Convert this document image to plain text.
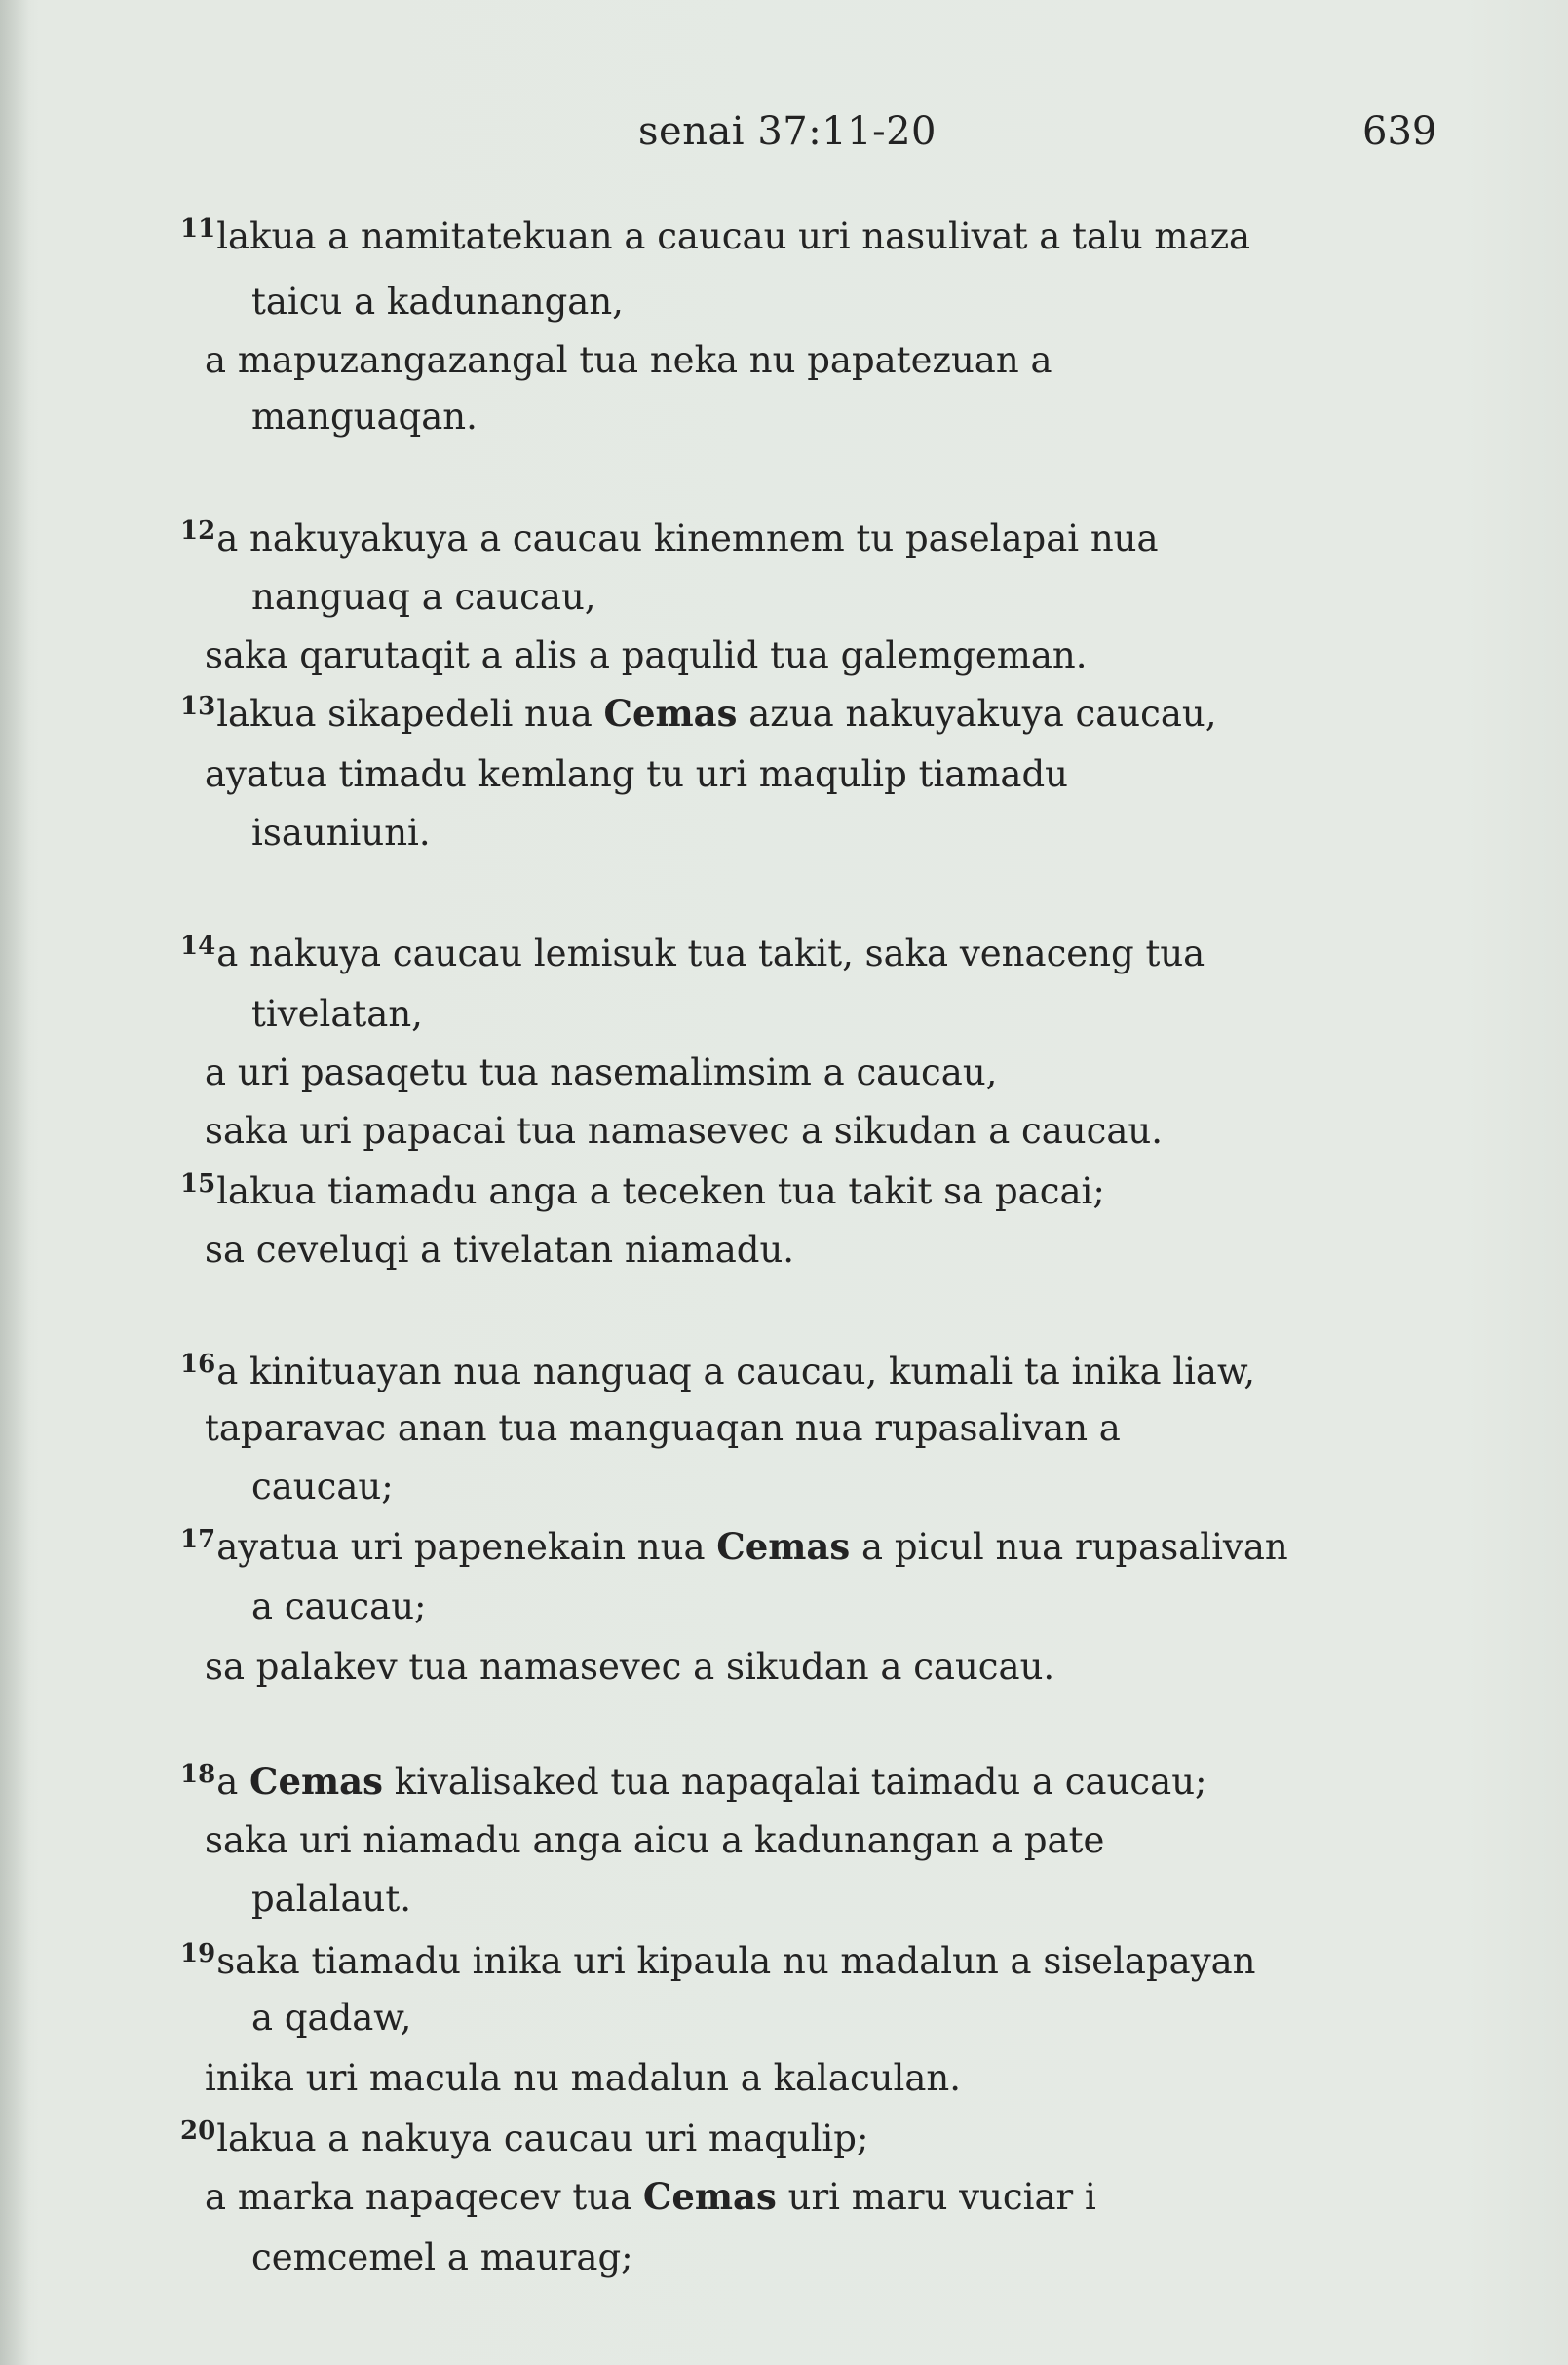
senai 37:11-20	639
$^{11}$lakua a namitatekuan a caucau uri nasulivat a talu maza
taicu a kadunangan,
a mapuzangazangal tua neka nu papatezuan a
manguaqan.
$^{12}$a nakuyakuya a caucau kinemnem tu paselapai nua
nanguaq a caucau,
saka qarutaqit a alis a paqulid tua galemgeman.
$^{13}$lakua sikapedeli nua Cemas azua nakuyakuya caucau,
ayatua timadu kemlang tu uri maqulip tiamadu
isauniuni.
$^{14}$a nakuya caucau lemisuk tua takit, saka venaceng tua
tivelatan,
a uri pasaqetu tua nasemalimsim a caucau,
saka uri papacai tua namasevec a sikudan a caucau.
$^{15}$lakua tiamadu anga a teceken tua takit sa pacai;
sa ceveluqi a tivelatan niamadu.
$^{16}$a kinituayan nua nanguaq a caucau, kumali ta inika liaw,
taparavac anan tua manguaqan nua rupasalivan a
caucau;
$^{17}$ayatua uri papenekain nua Cemas a picul nua rupasalivan
a caucau;
sa palakev tua namasevec a sikudan a caucau.
$^{18}$a Cemas kivalisaked tua napaqalai taimadu a caucau;
saka uri niamadu anga aicu a kadunangan a pate
palalaut.
$^{19}$saka tiamadu inika uri kipaula nu madalun a siselapayan
a qadaw,
inika uri macula nu madalun a kalaculan.
$^{20}$lakua a nakuya caucau uri maqulip;
a marka napaqecev tua Cemas uri maru vuciar i
cemcemel a maurag;
